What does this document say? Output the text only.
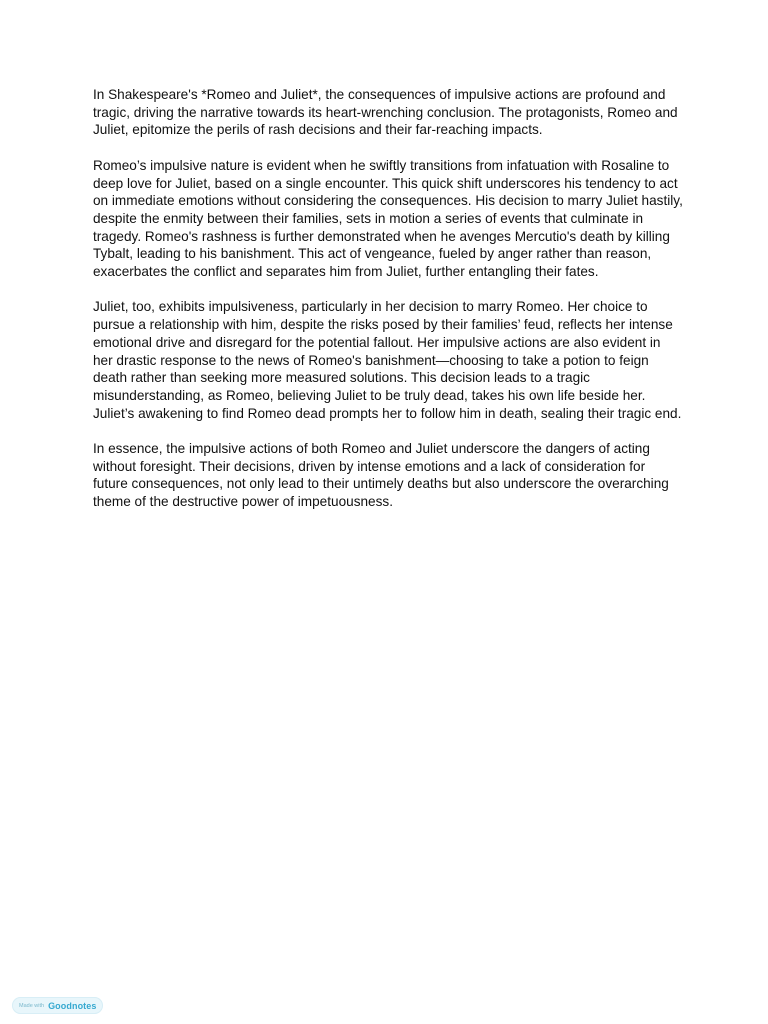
In Shakespeare's *Romeo and Juliet*, the consequences of impulsive actions are profound and tragic, driving the narrative towards its heart-wrenching conclusion. The protagonists, Romeo and Juliet, epitomize the perils of rash decisions and their far-reaching impacts.

Romeo’s impulsive nature is evident when he swiftly transitions from infatuation with Rosaline to deep love for Juliet, based on a single encounter. This quick shift underscores his tendency to act on immediate emotions without considering the consequences. His decision to marry Juliet hastily, despite the enmity between their families, sets in motion a series of events that culminate in tragedy. Romeo's rashness is further demonstrated when he avenges Mercutio's death by killing Tybalt, leading to his banishment. This act of vengeance, fueled by anger rather than reason, exacerbates the conflict and separates him from Juliet, further entangling their fates.

Juliet, too, exhibits impulsiveness, particularly in her decision to marry Romeo. Her choice to pursue a relationship with him, despite the risks posed by their families’ feud, reflects her intense emotional drive and disregard for the potential fallout. Her impulsive actions are also evident in her drastic response to the news of Romeo's banishment—choosing to take a potion to feign death rather than seeking more measured solutions. This decision leads to a tragic misunderstanding, as Romeo, believing Juliet to be truly dead, takes his own life beside her. Juliet’s awakening to find Romeo dead prompts her to follow him in death, sealing their tragic end.

In essence, the impulsive actions of both Romeo and Juliet underscore the dangers of acting without foresight. Their decisions, driven by intense emotions and a lack of consideration for future consequences, not only lead to their untimely deaths but also underscore the overarching theme of the destructive power of impetuousness.

Made with Goodnotes
